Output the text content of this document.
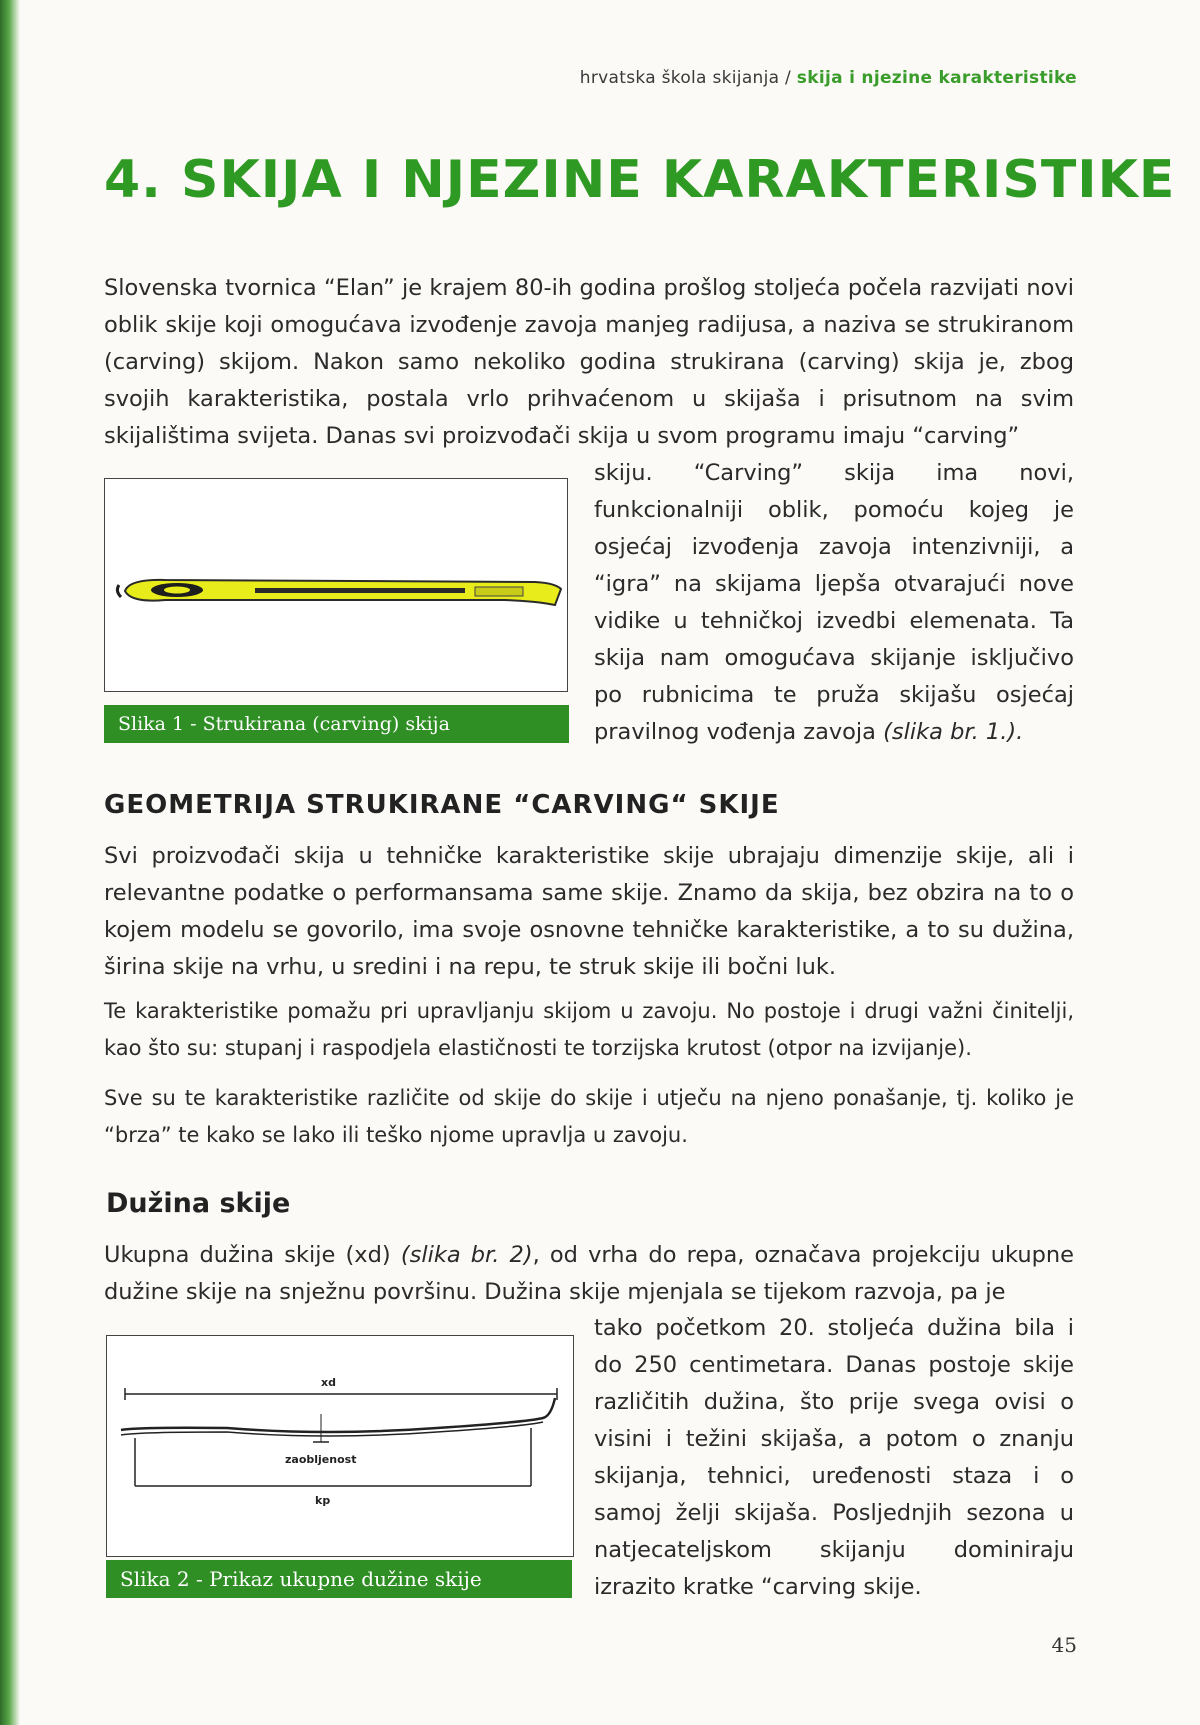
hrvatska škola skijanja / skija i njezine karakteristike
4. SKIJA I NJEZINE KARAKTERISTIKE

Slovenska tvornica “Elan” je krajem 80-ih godina prošlog stoljeća počela razvijati novi oblik skije koji omogućava izvođenje zavoja manjeg radijusa, a naziva se strukiranom (carving) skijom. Nakon samo nekoliko godina strukirana (carving) skija je, zbog svojih karakteristika, postala vrlo prihvaćenom u skijaša i prisutnom na svim skijalištima svijeta. Danas svi proizvođači skija u svom programu imaju “carving”

Slika 1 - Strukirana (carving) skija

skiju. “Carving” skija ima novi, funkcionalniji oblik, pomoću kojeg je osjećaj izvođenja zavoja intenzivniji, a “igra” na skijama ljepša otvarajući nove vidike u tehničkoj izvedbi elemenata. Ta skija nam omogućava skijanje isključivo po rubnicima te pruža skijašu osjećaj pravilnog vođenja zavoja (slika br. 1.).

GEOMETRIJA STRUKIRANE “CARVING“ SKIJE

Svi proizvođači skija u tehničke karakteristike skije ubrajaju dimenzije skije, ali i relevantne podatke o performansama same skije. Znamo da skija, bez obzira na to o kojem modelu se govorilo, ima svoje osnovne tehničke karakteristike, a to su dužina, širina skije na vrhu, u sredini i na repu, te struk skije ili bočni luk.

Te karakteristike pomažu pri upravljanju skijom u zavoju. No postoje i drugi važni činitelji, kao što su: stupanj i raspodjela elastičnosti te torzijska krutost (otpor na izvijanje).

Sve su te karakteristike različite od skije do skije i utječu na njeno ponašanje, tj. koliko je “brza” te kako se lako ili teško njome upravlja u zavoju.

Dužina skije

Ukupna dužina skije (xd) (slika br. 2), od vrha do repa, označava projekciju ukupne dužine skije na snježnu površinu. Dužina skije mjenjala se tijekom razvoja, pa je

xd
zaobljenost
kp
Slika 2 - Prikaz ukupne dužine skije

tako početkom 20. stoljeća dužina bila i do 250 centimetara. Danas postoje skije različitih dužina, što prije svega ovisi o visini i težini skijaša, a potom o znanju skijanja, tehnici, uređenosti staza i o samoj želji skijaša. Posljednjih sezona u natjecateljskom skijanju dominiraju izrazito kratke “carving skije.

45
